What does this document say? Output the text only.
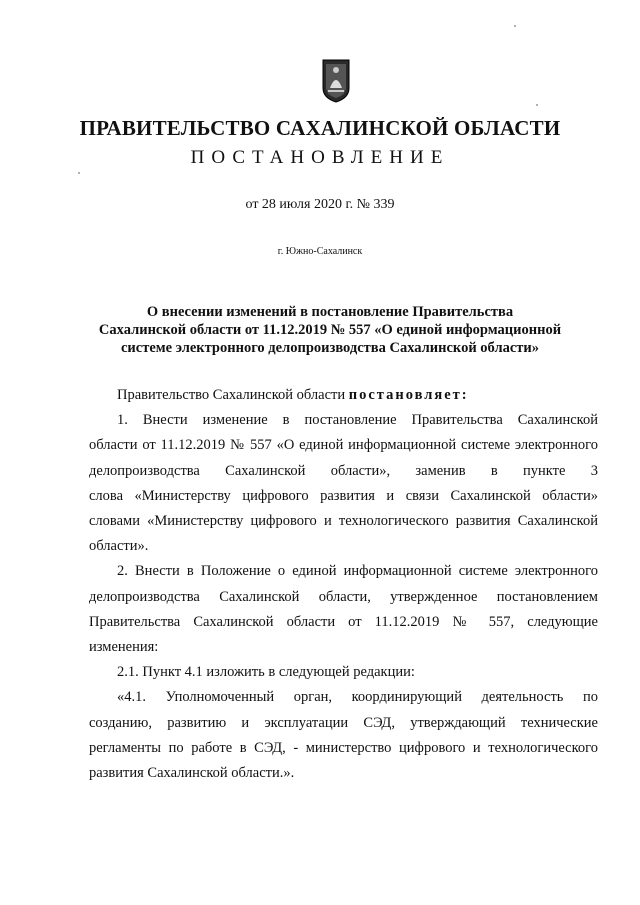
ПРАВИТЕЛЬСТВО САХАЛИНСКОЙ ОБЛАСТИ
ПОСТАНОВЛЕНИЕ
от 28 июля 2020 г. № 339
г. Южно-Сахалинск
О внесении изменений в постановление Правительства
Сахалинской области от 11.12.2019 № 557 «О единой информационной
системе электронного делопроизводства Сахалинской области»
Правительство Сахалинской области постановляет:
1. Внести изменение в постановление Правительства Сахалинской
области от 11.12.2019 № 557 «О единой информационной системе электронного
делопроизводства Сахалинской области», заменив в пункте 3
слова «Министерству цифрового развития и связи Сахалинской области»
словами «Министерству цифрового и технологического развития Сахалинской
области».
2. Внести в Положение о единой информационной системе электронного
делопроизводства Сахалинской области, утвержденное постановлением
Правительства Сахалинской области от 11.12.2019 № 557, следующие
изменения:
2.1. Пункт 4.1 изложить в следующей редакции:
«4.1. Уполномоченный орган, координирующий деятельность по
созданию, развитию и эксплуатации СЭД, утверждающий технические
регламенты по работе в СЭД, - министерство цифрового и технологического
развития Сахалинской области.».
